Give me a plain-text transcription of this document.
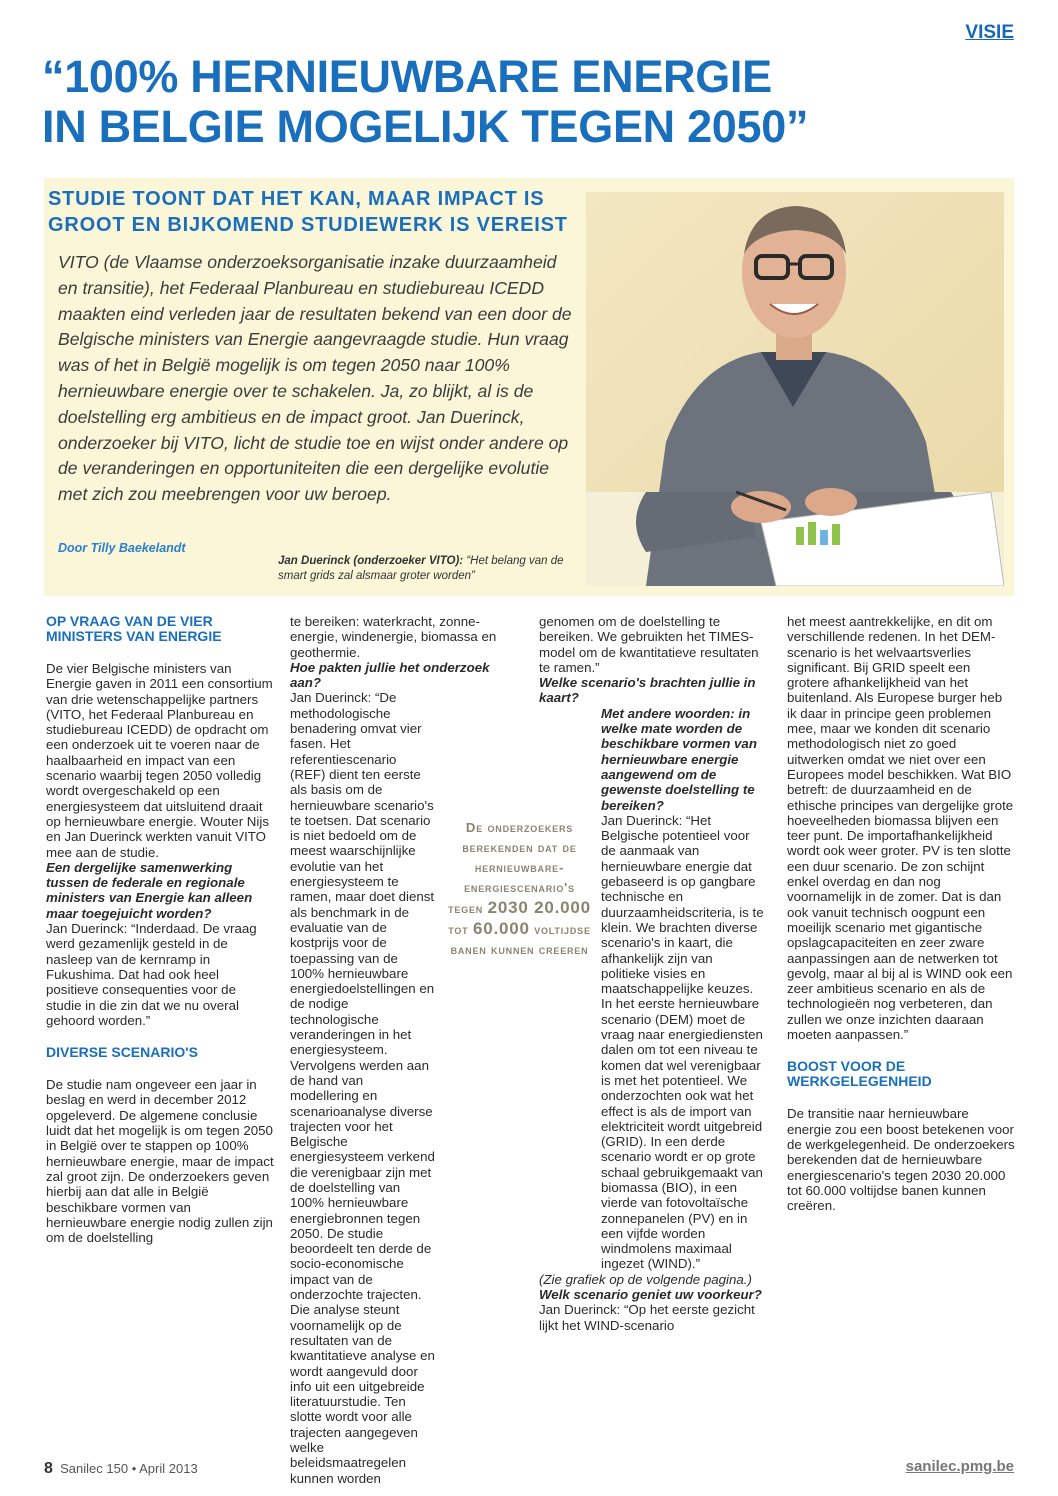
VISIE
“100% HERNIEUWBARE ENERGIE
IN BELGIE MOGELIJK TEGEN 2050”
STUDIE TOONT DAT HET KAN, MAAR IMPACT IS GROOT EN BIJKOMEND STUDIEWERK IS VEREIST

VITO (de Vlaamse onderzoeksorganisatie inzake duurzaamheid en transitie), het Federaal Planbureau en studiebureau ICEDD maakten eind verleden jaar de resultaten bekend van een door de Belgische ministers van Energie aangevraagde studie. Hun vraag was of het in België mogelijk is om tegen 2050 naar 100% hernieuwbare energie over te schakelen. Ja, zo blijkt, al is de doelstelling erg ambitieus en de impact groot. Jan Duerinck, onderzoeker bij VITO, licht de studie toe en wijst onder andere op de veranderingen en opportuniteiten die een dergelijke evolutie met zich zou meebrengen voor uw beroep.

Door Tilly Baekelandt
Jan Duerinck (onderzoeker VITO): “Het belang van de smart grids zal alsmaar groter worden”
OP VRAAG VAN DE VIER MINISTERS VAN ENERGIE

De vier Belgische ministers van Energie gaven in 2011 een consortium van drie wetenschappelijke partners (VITO, het Federaal Planbureau en studiebureau ICEDD) de opdracht om een onderzoek uit te voeren naar de haalbaarheid en impact van een scenario waarbij tegen 2050 volledig wordt overgeschakeld op een energiesysteem dat uitsluitend draait op hernieuwbare energie. Wouter Nijs en Jan Duerinck werkten vanuit VITO mee aan de studie.

Een dergelijke samenwerking tussen de federale en regionale ministers van Energie kan alleen maar toegejuicht worden?

Jan Duerinck: “Inderdaad. De vraag werd gezamenlijk gesteld in de nasleep van de kernramp in Fukushima. Dat had ook heel positieve consequenties voor de studie in die zin dat we nu overal gehoord worden.”

DIVERSE SCENARIO'S

De studie nam ongeveer een jaar in beslag en werd in december 2012 opgeleverd. De algemene conclusie luidt dat het mogelijk is om tegen 2050 in België over te stappen op 100% hernieuwbare energie, maar de impact zal groot zijn. De onderzoekers geven hierbij aan dat alle in België beschikbare vormen van hernieuwbare energie nodig zullen zijn om de doelstelling

te bereiken: waterkracht, zonne-energie, windenergie, biomassa en geothermie.

Hoe pakten jullie het onderzoek aan?

Jan Duerinck: “De methodologische benadering omvat vier fasen. Het referentiescenario (REF) dient ten eerste als basis om de hernieuwbare scenario's te toetsen. Dat scenario is niet bedoeld om de meest waarschijnlijke evolutie van het energiesysteem te ramen, maar doet dienst als benchmark in de evaluatie van de kostprijs voor de toepassing van de 100% hernieuwbare energiedoelstellingen en de nodige technologische veranderingen in het energiesysteem. Vervolgens werden aan de hand van modellering en scenarioanalyse diverse trajecten voor het Belgische energiesysteem verkend die verenigbaar zijn met de doelstelling van 100% hernieuwbare energiebronnen tegen 2050. De studie beoordeelt ten derde de socio-economische impact van de onderzochte trajecten. Die analyse steunt voornamelijk op de resultaten van de kwantitatieve analyse en wordt aangevuld door info uit een uitgebreide literatuurstudie. Ten slotte wordt voor alle trajecten aangegeven welke beleidsmaatregelen kunnen worden

genomen om de doelstelling te bereiken. We gebruikten het TIMES-model om de kwantitatieve resultaten te ramen.”

Welke scenario's brachten jullie in kaart?

Met andere woorden: in welke mate worden de beschikbare vormen van hernieuwbare energie aangewend om de gewenste doelstelling te bereiken?

Jan Duerinck: “Het Belgische potentieel voor de aanmaak van hernieuwbare energie dat gebaseerd is op gangbare technische en duurzaamheidscriteria, is te klein. We brachten diverse scenario's in kaart, die afhankelijk zijn van politieke visies en maatschappelijke keuzes. In het eerste hernieuwbare scenario (DEM) moet de vraag naar energiediensten dalen om tot een niveau te komen dat wel verenigbaar is met het potentieel. We onderzochten ook wat het effect is als de import van elektriciteit wordt uitgebreid (GRID). In een derde scenario wordt er op grote schaal gebruikgemaakt van biomassa (BIO), in een vierde van fotovoltaïsche zonnepanelen (PV) en in een vijfde worden windmolens maximaal ingezet (WIND).”

(Zie grafiek op de volgende pagina.)

Welk scenario geniet uw voorkeur?

Jan Duerinck: “Op het eerste gezicht lijkt het WIND-scenario

het meest aantrekkelijke, en dit om verschillende redenen. In het DEM-scenario is het welvaartsverlies significant. Bij GRID speelt een grotere afhankelijkheid van het buitenland. Als Europese burger heb ik daar in principe geen problemen mee, maar we konden dit scenario methodologisch niet zo goed uitwerken omdat we niet over een Europees model beschikken. Wat BIO betreft: de duurzaamheid en de ethische principes van dergelijke grote hoeveelheden biomassa blijven een teer punt. De importafhankelijkheid wordt ook weer groter. PV is ten slotte een duur scenario. De zon schijnt enkel overdag en dan nog voornamelijk in de zomer. Dat is dan ook vanuit technisch oogpunt een moeilijk scenario met gigantische opslagcapaciteiten en zeer zware aanpassingen aan de netwerken tot gevolg, maar al bij al is WIND ook een zeer ambitieus scenario en als de technologieën nog verbeteren, dan zullen we onze inzichten daaraan moeten aanpassen.”

BOOST VOOR DE WERKGELEGENHEID

De transitie naar hernieuwbare energie zou een boost betekenen voor de werkgelegenheid. De onderzoekers berekenden dat de hernieuwbare energiescenario's tegen 2030 20.000 tot 60.000 voltijdse banen kunnen creëren.

De onderzoekers berekenden dat de hernieuwbare-energiescenario's tegen 2030 20.000 tot 60.000 voltijdse banen kunnen creeren
8 Sanilec 150 • April 2013	sanilec.pmg.be
